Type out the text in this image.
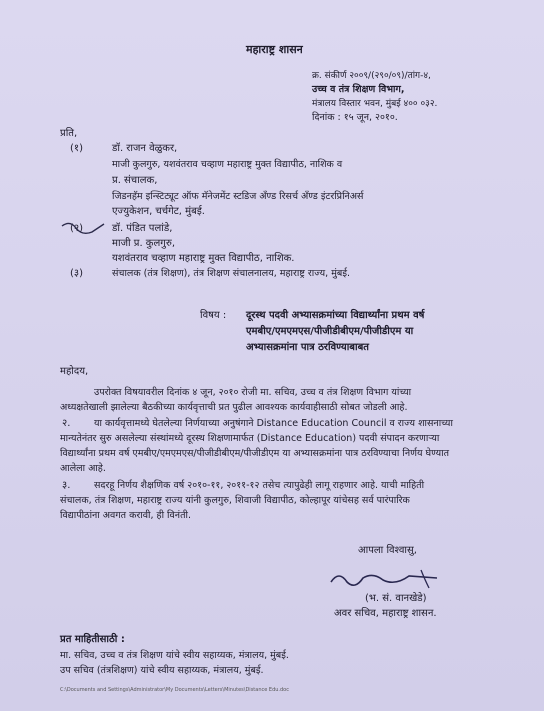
महाराष्ट्र शासन
क्र. संकीर्ण २००९/(२९०/०९)/तांग-४,
उच्च व तंत्र शिक्षण विभाग,
मंत्रालय विस्तार भवन, मुंबई ४०० ०३२.
दिनांक : १५ जून, २०१०.
प्रति,
(१)	डॉ. राजन वेळुकर,
माजी कुलगुरु, यशवंतराव चव्हाण महाराष्ट्र मुक्त विद्यापीठ, नाशिक व
प्र. संचालक,
जिडनहॅम इन्स्टिट्यूट ऑफ मॅनेजमेंट स्टडिज अँण्ड रिसर्च अँण्ड इंटरप्रिनिअर्स
एज्युकेशन, चर्चगेट, मुंबई.
(२)	डॉ. पंडित पलांडे,
माजी प्र. कुलगुरु,
यशवंतराव चव्हाण महाराष्ट्र मुक्त विद्यापीठ, नाशिक.
(३)	संचालक (तंत्र शिक्षण), तंत्र शिक्षण संचालनालय, महाराष्ट्र राज्य, मुंबई.
विषय : दूरस्थ पदवी अभ्यासक्रमांच्या विद्यार्थ्यांना प्रथम वर्ष
एमबीए/एमएमएस/पीजीडीबीएम/पीजीडीएम या
अभ्यासक्रमांना पात्र ठरविण्याबाबत
महोदय,
उपरोक्त विषयावरील दिनांक ४ जून, २०१० रोजी मा. सचिव, उच्च व तंत्र शिक्षण विभाग यांच्या
अध्यक्षतेखाली झालेल्या बैठकीच्या कार्यवृत्ताची प्रत पुढील आवश्यक कार्यवाहीसाठी सोबत जोडली आहे.
२. या कार्यवृत्तामध्ये घेतलेल्या निर्णयाच्या अनुषंगाने Distance Education Council व राज्य शासनाच्या
मान्यतेनंतर सुरु असलेल्या संस्थांमध्ये दूरस्थ शिक्षणामार्फत (Distance Education) पदवी संपादन करणाऱ्या
विद्यार्थ्यांना प्रथम वर्ष एमबीए/एमएमएस/पीजीडीबीएम/पीजीडीएम या अभ्यासक्रमांना पात्र ठरविण्याचा निर्णय घेण्यात
आलेला आहे.
३. सदरहू निर्णय शैक्षणिक वर्ष २०१०-११, २०११-१२ तसेच त्यापुढेही लागू राहणार आहे. याची माहिती
संचालक, तंत्र शिक्षण, महाराष्ट्र राज्य यांनी कुलगुरु, शिवाजी विद्यापीठ, कोल्हापूर यांचेसह सर्व पारंपारिक
विद्यापीठांना अवगत करावी, ही विनंती.
आपला विश्वासु,
(भ. सं. वानखेडे)
अवर सचिव, महाराष्ट्र शासन.
प्रत माहितीसाठी :
मा. सचिव, उच्च व तंत्र शिक्षण यांचे स्वीय सहाय्यक, मंत्रालय, मुंबई.
उप सचिव (तंत्रशिक्षण) यांचे स्वीय सहाय्यक, मंत्रालय, मुंबई.
C:\Documents and Settings\Administrator\My Documents\Letters\Minutes\Distance Edu.doc
